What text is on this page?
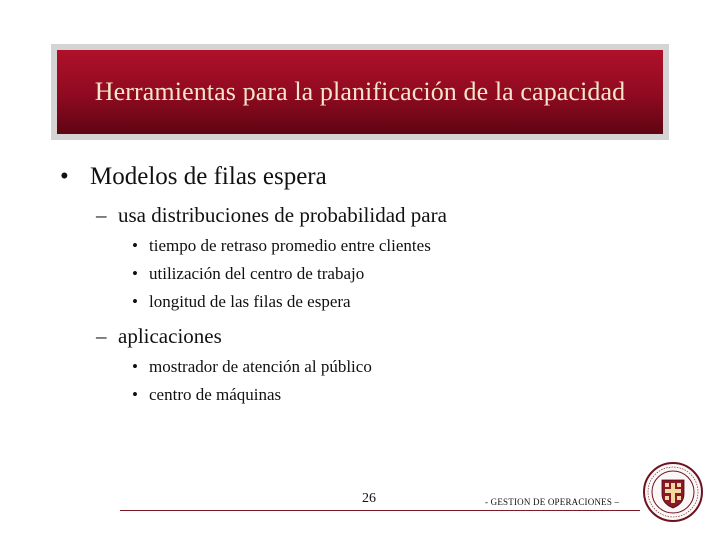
Herramientas para la planificación de la capacidad
• Modelos de filas espera
– usa distribuciones de probabilidad para
• tiempo de retraso promedio entre clientes
• utilización del centro de trabajo
• longitud de las filas de espera
– aplicaciones
• mostrador de atención al público
• centro de máquinas
26	- GESTION DE OPERACIONES –
